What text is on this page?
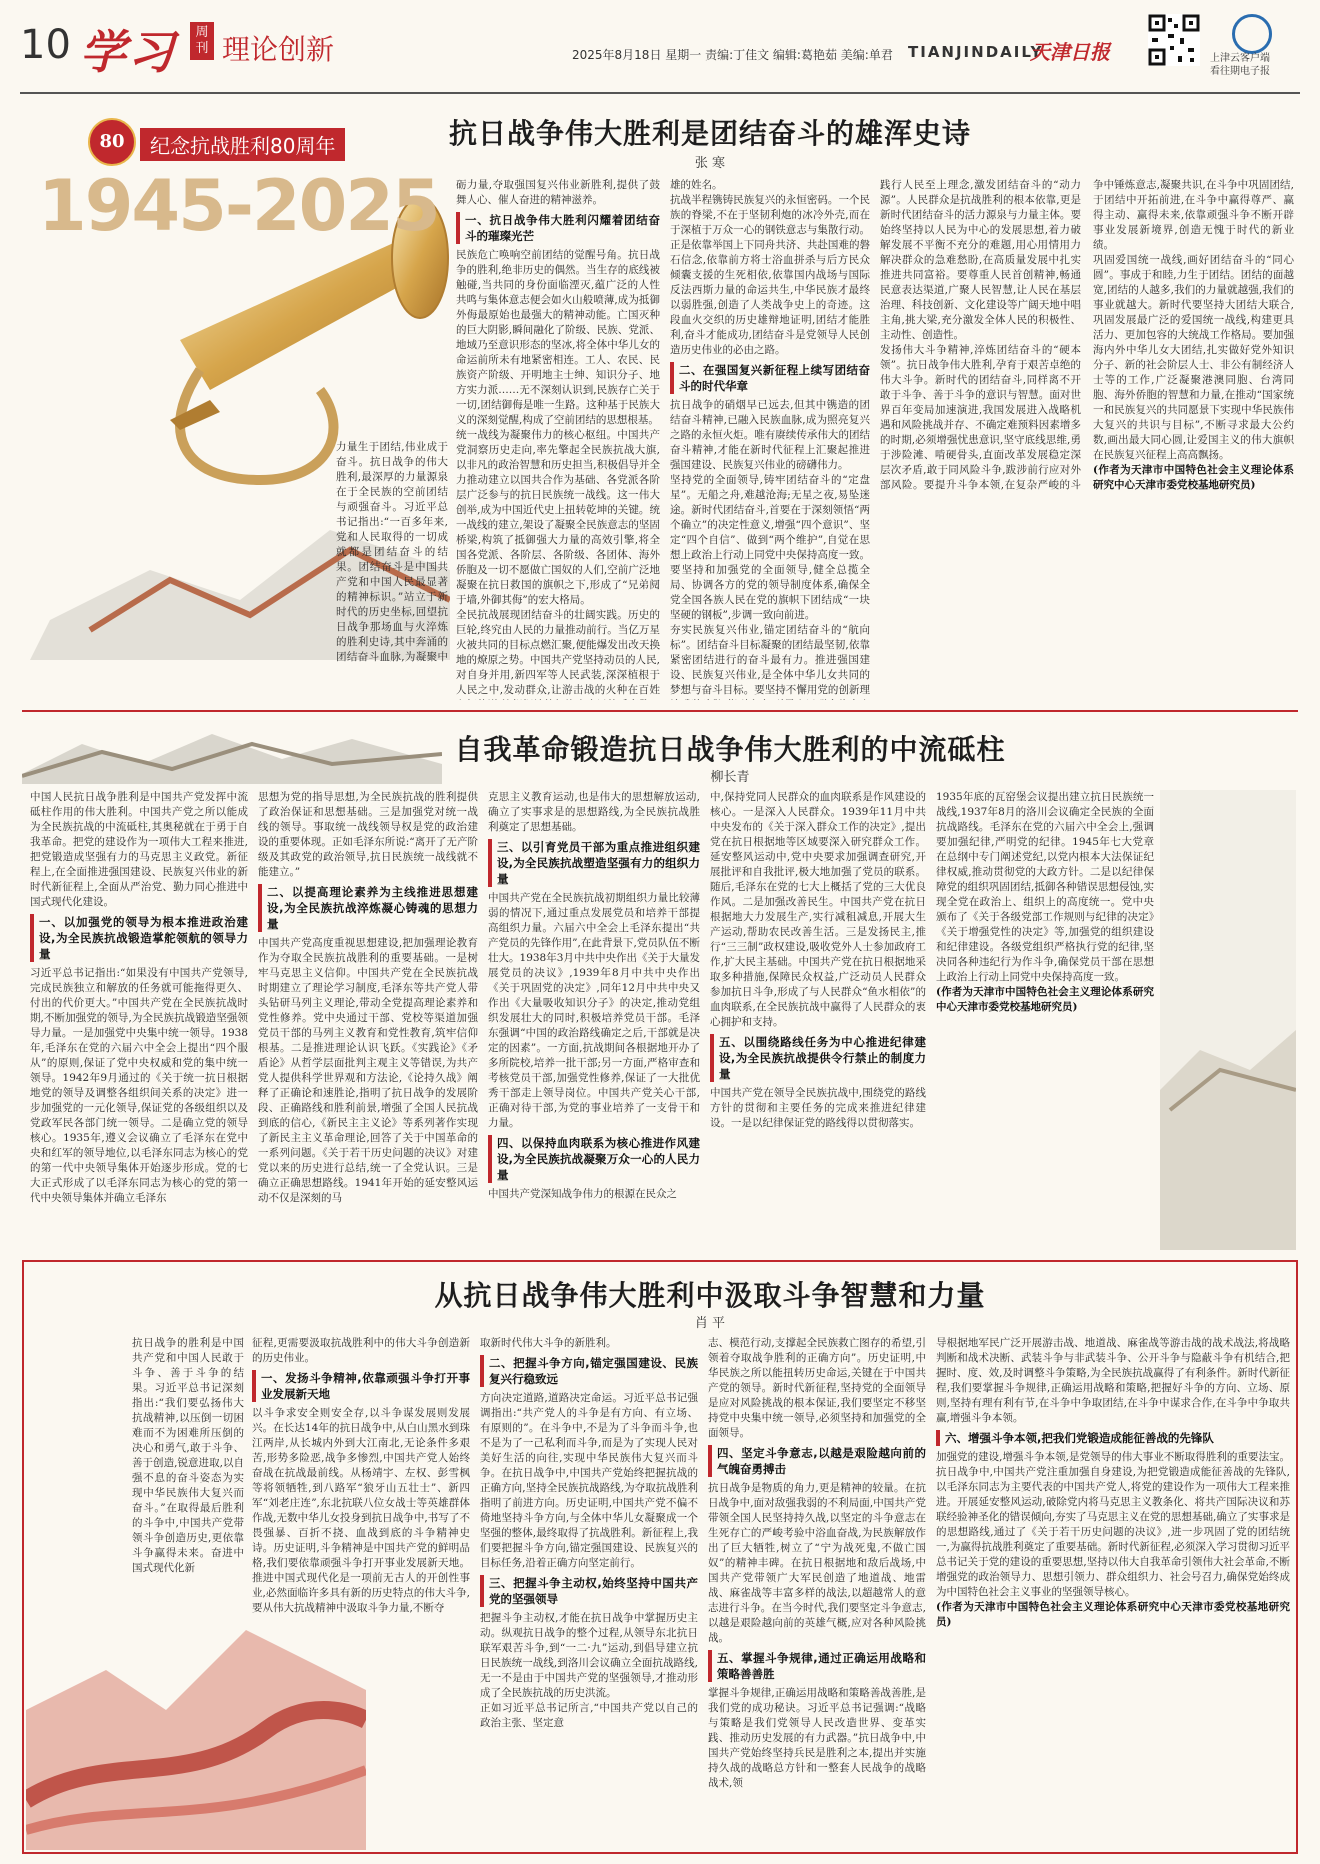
10 学习	周刊 理论创新	2025年8月18日 星期一 责编:丁佳文 编辑:葛艳茹 美编:单君 TIANJINDAILY
天津日报	上津云客户端
看往期电子报
80	纪念抗战胜利80周年
1945-2025
抗日战争伟大胜利是团结奋斗的雄浑史诗
张 寒
力量生于团结,伟业成于奋斗。抗日战争的伟大胜利,最深厚的力量源泉在于全民族的空前团结与顽强奋斗。习近平总书记指出:“一百多年来,党和人民取得的一切成就都是团结奋斗的结果。团结奋斗是中国共产党和中国人民最显著的精神标识。”站立于新时代的历史坐标,回望抗日战争那场血与火淬炼的胜利史诗,其中奔涌的团结奋斗血脉,为凝聚中
砺力量,夺取强国复兴伟业新胜利,提供了鼓舞人心、催人奋进的精神滋养。
一、抗日战争伟大胜利闪耀着团结奋斗的璀璨光芒
民族危亡唤响空前团结的觉醒号角。抗日战争的胜利,绝非历史的偶然。当生存的底线被触碰,当共同的身份面临湮灭,蕴广泛的人性共鸣与集体意志便会如火山般喷薄,成为抵御外侮最原始也最强大的精神动能。亡国灭种的巨大阴影,瞬间融化了阶级、民族、党派、地域乃至意识形态的坚冰,将全体中华儿女的命运前所未有地紧密相连。工人、农民、民族资产阶级、开明地主士绅、知识分子、地方实力派……无不深刻认识到,民族存亡关于一切,团结御侮是唯一生路。这种基于民族大义的深刻觉醒,构成了空前团结的思想根基。
统一战线为凝聚伟力的核心枢纽。中国共产党洞察历史走向,率先擎起全民族抗战大旗,以非凡的政治智慧和历史担当,积极倡导并全力推动建立以国共合作为基础、各党派各阶层广泛参与的抗日民族统一战线。这一伟大创举,成为中国近代史上扭转乾坤的关键。统一战线的建立,架设了凝聚全民族意志的坚固桥梁,构筑了抵御强大力量的高效引擎,将全国各党派、各阶层、各阶级、各团体、海外侨胞及一切不愿做亡国奴的人们,空前广泛地凝聚在抗日救国的旗帜之下,形成了“兄弟阋于墙,外御其侮”的宏大格局。
全民抗战展现团结奋斗的壮阔实践。历史的巨轮,终究由人民的力量推动前行。当亿万星火被共同的目标点燃汇聚,便能爆发出改天换地的燎原之势。中国共产党坚持动员的人民,对自身并用,新四军等人民武装,深深植根于人民之中,发动群众,让游击战的火种在百姓
雄的姓名。
抗战半程镌铸民族复兴的永恒密码。一个民族的脊梁,不在于坚韧利炮的冰冷外壳,而在于深植于万众一心的钢铁意志与集散行动。正是依靠举国上下同舟共济、共赴国难的磐石信念,依靠前方将士浴血拼杀与后方民众倾囊支援的生死相依,依靠国内战场与国际反法西斯力量的命运共生,中华民族才最终以弱胜强,创造了人类战争史上的奇迹。这段血火交织的历史雄辩地证明,团结才能胜利,奋斗才能成功,团结奋斗是党领导人民创造历史伟业的必由之路。
二、在强国复兴新征程上续写团结奋斗的时代华章
抗日战争的硝烟早已远去,但其中镌造的团结奋斗精神,已融入民族血脉,成为照亮复兴之路的永恒火炬。唯有赓续传承伟大的团结奋斗精神,才能在新时代征程上汇聚起推进强国建设、民族复兴伟业的磅礴伟力。
坚持党的全面领导,铸牢团结奋斗的“定盘星”。无船之舟,难越沧海;无星之夜,易坠迷途。新时代团结奋斗,首要在于深刻领悟“两个确立”的决定性意义,增强“四个意识”、坚定“四个自信”、做到“两个维护”,自觉在思想上政治上行动上同党中央保持高度一致。要坚持和加强党的全面领导,健全总揽全局、协调各方的党的领导制度体系,确保全党全国各族人民在党的旗帜下团结成“一块坚硬的钢板”,步调一致向前进。
夯实民族复兴伟业,锚定团结奋斗的“航向标”。团结奋斗目标凝聚的团结最坚韧,依靠紧密团结进行的奋斗最有力。推进强国建设、民族复兴伟业,是全体中华儿女共同的梦想与奋斗目标。要坚持不懈用党的创新理
践行人民至上理念,激发团结奋斗的“动力源”。人民群众是抗战胜利的根本依靠,更是新时代团结奋斗的活力源泉与力量主体。要始终坚持以人民为中心的发展思想,着力破解发展不平衡不充分的难题,用心用情用力解决群众的急难愁盼,在高质量发展中扎实推进共同富裕。要尊重人民首创精神,畅通民意表达渠道,广聚人民智慧,让人民在基层治理、科技创新、文化建设等广阔天地中唱主角,挑大梁,充分激发全体人民的积极性、主动性、创造性。
发扬伟大斗争精神,淬炼团结奋斗的“硬本领”。抗日战争伟大胜利,孕育于艰苦卓绝的伟大斗争。新时代的团结奋斗,同样离不开敢于斗争、善于斗争的意识与智慧。面对世界百年变局加速演进,我国发展进入战略机遇和风险挑战并存、不确定难预料因素增多的时期,必须增强忧患意识,坚守底线思维,勇于涉险滩、啃硬骨头,直面改革发展稳定深层次矛盾,敢于同风险斗争,跋涉前行应对外部风险。要提升斗争本领,在复杂严峻的斗争中锤炼意志,凝聚共识,在斗争中巩固团结,于团结中开拓前进,在斗争中赢得尊严、赢得主动、赢得未来,依靠顽强斗争不断开辟事业发展新境界,创造无愧于时代的新业绩。
巩固爱国统一战线,画好团结奋斗的“同心圆”。事成于和睦,力生于团结。团结的面越宽,团结的人越多,我们的力量就越强,我们的事业就越大。新时代要坚持大团结大联合,巩固发展最广泛的爱国统一战线,构建更具活力、更加包容的大统战工作格局。要加强海内外中华儿女大团结,扎实做好党外知识分子、新的社会阶层人士、非公有制经济人士等的工作,广泛凝聚港澳同胞、台湾同胞、海外侨胞的智慧和力量,在推动“国家统一和民族复兴的共同愿景下实现中华民族伟大复兴的共识与目标”,不断寻求最大公约数,画出最大同心圆,让爱国主义的伟大旗帜在民族复兴征程上高高飘扬。
(作者为天津市中国特色社会主义理论体系研究中心天津市委党校基地研究员)
自我革命锻造抗日战争伟大胜利的中流砥柱
柳长青
中国人民抗日战争胜利是中国共产党发挥中流砥柱作用的伟大胜利。中国共产党之所以能成为全民族抗战的中流砥柱,其奥秘就在于勇于自我革命。把党的建设作为一项伟大工程来推进,把党锻造成坚强有力的马克思主义政党。新征程上,在全面推进强国建设、民族复兴伟业的新时代新征程上,全面从严治党、勤力同心推进中国式现代化建设。
一、以加强党的领导为根本推进政治建设,为全民族抗战锻造掌舵领航的领导力量
习近平总书记指出:“如果没有中国共产党领导,完成民族独立和解放的任务就可能拖得更久、付出的代价更大。”中国共产党在全民族抗战时期,不断加强党的领导,为全民族抗战锻造坚强领导力量。一是加强党中央集中统一领导。1938年,毛泽东在党的六届六中全会上提出“四个服从”的原则,保证了党中央权威和党的集中统一领导。1942年9月通过的《关于统一抗日根据地党的领导及调整各组织间关系的决定》进一步加强党的一元化领导,保证党的各级组织以及党政军民各部门统一领导。二是确立党的领导核心。1935年,遵义会议确立了毛泽东在党中央和红军的领导地位,以毛泽东同志为核心的党的第一代中央领导集体开始逐步形成。党的七大正式形成了以毛泽东同志为核心的党的第一代中央领导集体并确立毛泽东
思想为党的指导思想,为全民族抗战的胜利提供了政治保证和思想基础。三是加强党对统一战线的领导。事取统一战线领导权是党的政治建设的重要体现。正如毛泽东所说:“离开了无产阶级及其政党的政治领导,抗日民族统一战线就不能建立。”
二、以提高理论素养为主线推进思想建设,为全民族抗战淬炼凝心铸魂的思想力量
中国共产党高度重视思想建设,把加强理论教育作为夺取全民族抗战胜利的重要基础。一是树牢马克思主义信仰。中国共产党在全民族抗战时期建立了理论学习制度,毛泽东等共产党人带头钻研马列主义理论,带动全党提高理论素养和党性修养。党中央通过干部、党校等渠道加强党员干部的马列主义教育和党性教育,筑牢信仰根基。二是推进理论认识飞跃。《实践论》《矛盾论》从哲学层面批判主观主义等错误,为共产党人提供科学世界观和方法论,《论持久战》阐释了正确论和速胜论,指明了抗日战争的发展阶段、正确路线和胜利前景,增强了全国人民抗战到底的信心,《新民主主义论》等系列著作实现了新民主主义革命理论,回答了关于中国革命的一系列问题。《关于若干历史问题的决议》对建党以来的历史进行总结,统一了全党认识。三是确立正确思想路线。1941年开始的延安整风运动不仅是深刻的马
克思主义教育运动,也是伟大的思想解放运动,确立了实事求是的思想路线,为全民族抗战胜利奠定了思想基础。
三、以引育党员干部为重点推进组织建设,为全民族抗战塑造坚强有力的组织力量
中国共产党在全民族抗战初期组织力量比较薄弱的情况下,通过重点发展党员和培养干部提高组织力量。六届六中全会上毛泽东提出“共产党员的先锋作用”,在此背景下,党员队伍不断壮大。1938年3月中共中央作出《关于大量发展党员的决议》,1939年8月中共中央作出《关于巩固党的决定》,同年12月中共中央又作出《大量吸收知识分子》的决定,推动党组织发展壮大的同时,积极培养党员干部。毛泽东强调“中国的政治路线确定之后,干部就是决定的因素”。一方面,抗战期间各根据地开办了多所院校,培养一批干部;另一方面,严格审查和考核党员干部,加强党性修养,保证了一大批优秀干部走上领导岗位。中国共产党关心干部,正确对待干部,为党的事业培养了一支骨干和力量。
四、以保持血肉联系为核心推进作风建设,为全民族抗战凝聚万众一心的人民力量
中国共产党深知战争伟力的根源在民众之
中,保持党同人民群众的血肉联系是作风建设的核心。一是深入人民群众。1939年11月中共中央发布的《关于深入群众工作的决定》,提出党在抗日根据地等区域要深入研究群众工作。延安整风运动中,党中央要求加强调查研究,开展批评和自我批评,极大地加强了党员的联系。随后,毛泽东在党的七大上概括了党的三大优良作风。二是加强改善民生。中国共产党在抗日根据地大力发展生产,实行减租减息,开展大生产运动,帮助农民改善生活。三是发扬民主,推行“三三制”政权建设,吸收党外人士参加政府工作,扩大民主基础。中国共产党在抗日根据地采取多种措施,保障民众权益,广泛动员人民群众参加抗日斗争,形成了与人民群众“鱼水相依”的血肉联系,在全民族抗战中赢得了人民群众的衷心拥护和支持。
五、以围绕路线任务为中心推进纪律建设,为全民族抗战提供令行禁止的制度力量
中国共产党在领导全民族抗战中,围绕党的路线方针的贯彻和主要任务的完成来推进纪律建设。一是以纪律保证党的路线得以贯彻落实。
1935年底的瓦窑堡会议提出建立抗日民族统一战线,1937年8月的洛川会议确定全民族的全面抗战路线。毛泽东在党的六届六中全会上,强调要加强纪律,严明党的纪律。1945年七大党章在总纲中专门阐述党纪,以党内根本大法保证纪律权威,推动贯彻党的大政方针。二是以纪律保障党的组织巩固团结,抵御各种错误思想侵蚀,实现全党在政治上、组织上的高度统一。党中央颁布了《关于各级党部工作规则与纪律的决定》《关于增强党性的决定》等,加强党的组织建设和纪律建设。各级党组织严格执行党的纪律,坚决同各种违纪行为作斗争,确保党员干部在思想上政治上行动上同党中央保持高度一致。
(作者为天津市中国特色社会主义理论体系研究中心天津市委党校基地研究员)
从抗日战争伟大胜利中汲取斗争智慧和力量
肖 平
抗日战争的胜利是中国共产党和中国人民敢于斗争、善于斗争的结果。习近平总书记深刻指出:“我们要弘扬伟大抗战精神,以压倒一切困难而不为困难所压倒的决心和勇气,敢于斗争、善于创造,锐意进取,以自强不息的奋斗姿态为实现中华民族伟大复兴而奋斗。”在取得最后胜利的斗争中,中国共产党带领斗争创造历史,更依靠斗争赢得未来。奋进中国式现代化新
征程,更需要汲取抗战胜利中的伟大斗争创造新的历史伟业。
一、发扬斗争精神,依靠顽强斗争打开事业发展新天地
以斗争求安全则安全存,以斗争谋发展则发展兴。在长达14年的抗日战争中,从白山黑水到珠江两岸,从长城内外到大江南北,无论条件多艰苦,形势多险恶,战争多惨烈,中国共产党人始终奋战在抗战最前线。从杨靖宇、左权、彭雪枫等将领牺牲,到八路军“狼牙山五壮士”、新四军“刘老庄连”,东北抗联八位女战士等英雄群体作战,无数中华儿女投身到抗日战争中,书写了不畏强暴、百折不挠、血战到底的斗争精神史诗。历史证明,斗争精神是中国共产党的鲜明品格,我们要依靠顽强斗争打开事业发展新天地。推进中国式现代化是一项前无古人的开创性事业,必然面临许多具有新的历史特点的伟大斗争,要从伟大抗战精神中汲取斗争力量,不断夺
取新时代伟大斗争的新胜利。
二、把握斗争方向,锚定强国建设、民族复兴行稳致远
方向决定道路,道路决定命运。习近平总书记强调指出:“共产党人的斗争是有方向、有立场、有原则的”。在斗争中,不是为了斗争而斗争,也不是为了一己私利而斗争,而是为了实现人民对美好生活的向往,实现中华民族伟大复兴而斗争。在抗日战争中,中国共产党始终把握抗战的正确方向,坚持全民族抗战路线,为夺取抗战胜利指明了前进方向。历史证明,中国共产党不偏不倚地坚持斗争方向,与全体中华儿女凝聚成一个坚强的整体,最终取得了抗战胜利。新征程上,我们要把握斗争方向,锚定强国建设、民族复兴的目标任务,沿着正确方向坚定前行。
三、把握斗争主动权,始终坚持中国共产党的坚强领导
把握斗争主动权,才能在抗日战争中掌握历史主动。纵观抗日战争的整个过程,从领导东北抗日联军艰苦斗争,到“一二·九”运动,到倡导建立抗日民族统一战线,到洛川会议确立全面抗战路线,无一不是由于中国共产党的坚强领导,才推动形成了全民族抗战的历史洪流。
正如习近平总书记所言,“中国共产党以自己的政治主张、坚定意
志、模范行动,支撑起全民族救亡图存的希望,引领着夺取战争胜利的正确方向”。历史证明,中华民族之所以能扭转历史命运,关键在于中国共产党的领导。新时代新征程,坚持党的全面领导是应对风险挑战的根本保证,我们要坚定不移坚持党中央集中统一领导,必须坚持和加强党的全面领导。
四、坚定斗争意志,以越是艰险越向前的气魄奋勇搏击
抗日战争是物质的角力,更是精神的较量。在抗日战争中,面对敌强我弱的不利局面,中国共产党带领全国人民坚持持久战,以坚定的斗争意志在生死存亡的严峻考验中浴血奋战,为民族解放作出了巨大牺牲,树立了“宁为战死鬼,不做亡国奴”的精神丰碑。在抗日根据地和敌后战场,中国共产党带领广大军民创造了地道战、地雷战、麻雀战等丰富多样的战法,以超越常人的意志进行斗争。在当今时代,我们要坚定斗争意志,以越是艰险越向前的英雄气概,应对各种风险挑战。
五、掌握斗争规律,通过正确运用战略和策略善善胜
掌握斗争规律,正确运用战略和策略善战善胜,是我们党的成功秘诀。习近平总书记强调:“战略与策略是我们党领导人民改造世界、变革实践、推动历史发展的有力武器。”抗日战争中,中国共产党始终坚持兵民是胜利之本,提出并实施持久战的战略总方针和一整套人民战争的战略战术,领
导根据地军民广泛开展游击战、地道战、麻雀战等游击战的战术战法,将战略判断和战术决断、武装斗争与非武装斗争、公开斗争与隐蔽斗争有机结合,把握时、度、效,及时调整斗争策略,为全民族抗战赢得了有利条件。新时代新征程,我们要掌握斗争规律,正确运用战略和策略,把握好斗争的方向、立场、原则,坚持有理有利有节,在斗争中争取团结,在斗争中谋求合作,在斗争中争取共赢,增强斗争本领。
六、增强斗争本领,把我们党锻造成能征善战的先锋队
加强党的建设,增强斗争本领,是党领导的伟大事业不断取得胜利的重要法宝。抗日战争中,中国共产党注重加强自身建设,为把党锻造成能征善战的先锋队,以毛泽东同志为主要代表的中国共产党人,将党的建设作为一项伟大工程来推进。开展延安整风运动,破除党内将马克思主义教条化、将共产国际决议和苏联经验神圣化的错误倾向,夯实了马克思主义在党的思想基础,确立了实事求是的思想路线,通过了《关于若干历史问题的决议》,进一步巩固了党的团结统一,为赢得抗战胜利奠定了重要基础。新时代新征程,必须深入学习贯彻习近平总书记关于党的建设的重要思想,坚持以伟大自我革命引领伟大社会革命,不断增强党的政治领导力、思想引领力、群众组织力、社会号召力,确保党始终成为中国特色社会主义事业的坚强领导核心。
(作者为天津市中国特色社会主义理论体系研究中心天津市委党校基地研究员)
